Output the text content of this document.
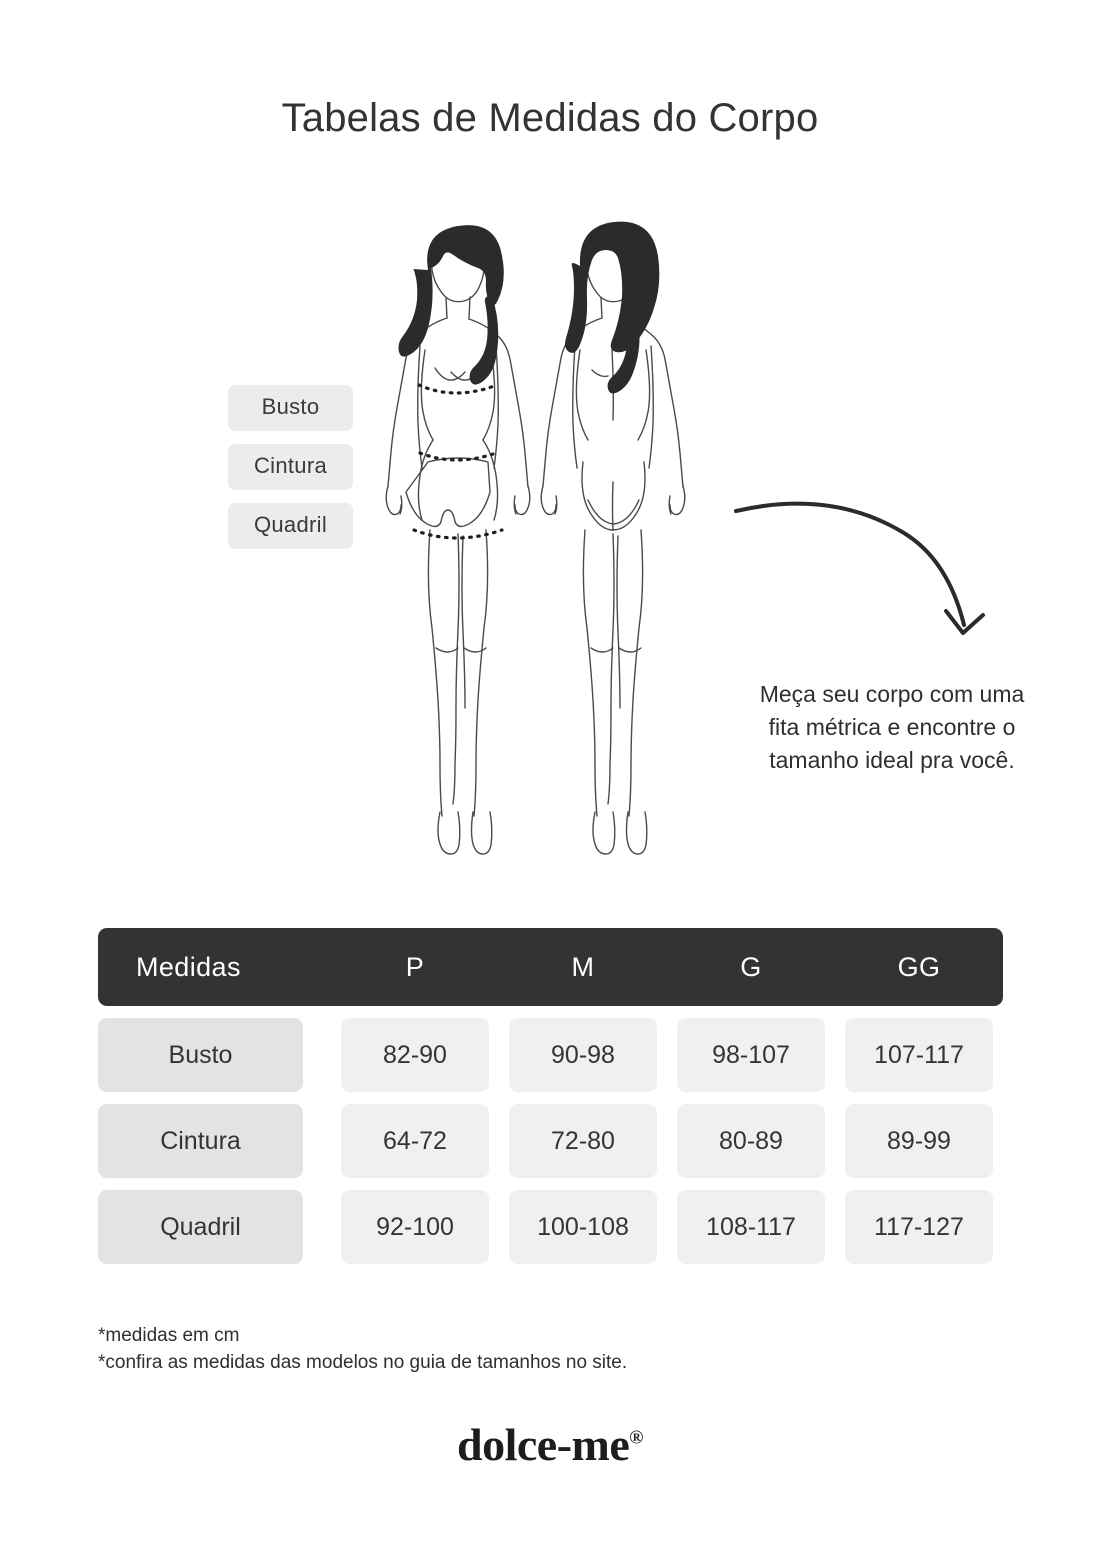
Tabelas de Medidas do Corpo
Busto
Cintura
Quadril
Meça seu corpo com uma fita métrica e encontre o tamanho ideal pra você.
Medidas	P	M	G	GG
Busto	82-90	90-98	98-107	107-117
Cintura	64-72	72-80	80-89	89-99
Quadril	92-100	100-108	108-117	117-127
*medidas em cm
*confira as medidas das modelos no guia de tamanhos no site.
dolce-me®
